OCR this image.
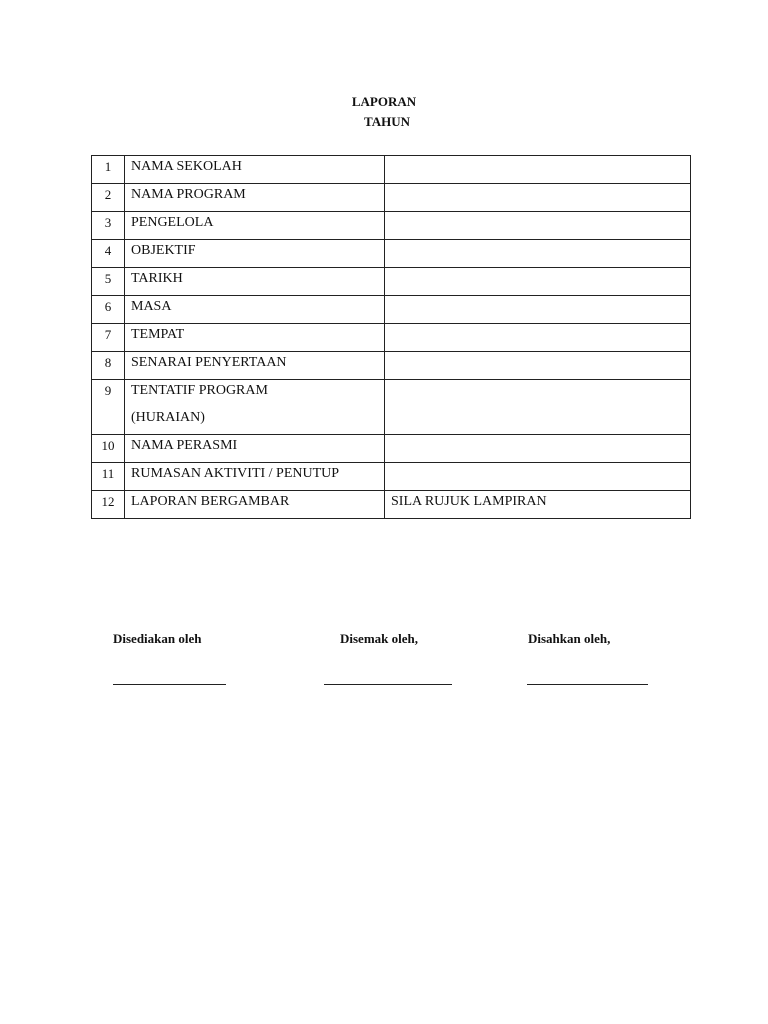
LAPORAN
TAHUN
1	NAMA SEKOLAH	
2	NAMA PROGRAM	
3	PENGELOLA	
4	OBJEKTIF	
5	TARIKH	
6	MASA	
7	TEMPAT	
8	SENARAI PENYERTAAN	
9	TENTATIF PROGRAM
(HURAIAN)	

10	NAMA PERASMI	
11	RUMASAN AKTIVITI / PENUTUP	
12	LAPORAN BERGAMBAR	SILA RUJUK LAMPIRAN
Disediakan oleh	Disemak oleh,	Disahkan oleh,
